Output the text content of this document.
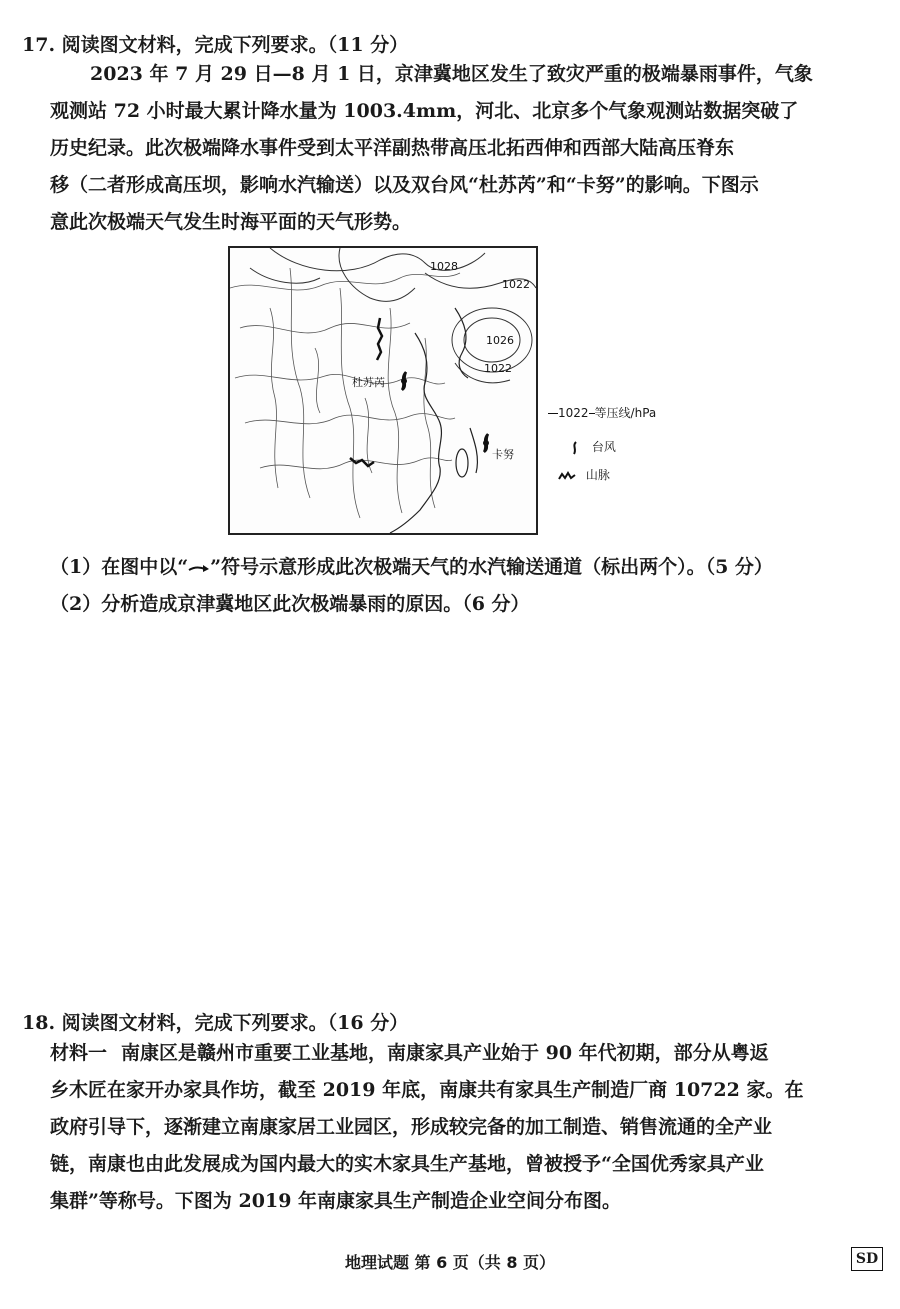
17. 阅读图文材料，完成下列要求。（11 分）
2023 年 7 月 29 日—8 月 1 日，京津冀地区发生了致灾严重的极端暴雨事件，气象
观测站 72 小时最大累计降水量为 1003.4mm，河北、北京多个气象观测站数据突破了
历史纪录。此次极端降水事件受到太平洋副热带高压北拓西伸和西部大陆高压脊东
移（二者形成高压坝，影响水汽输送）以及双台风“杜苏芮”和“卡努”的影响。下图示
意此次极端天气发生时海平面的天气形势。
1028
1022
1026
1022
杜苏芮
卡努
1022 等压线/hPa
台风
山脉
（1）在图中以“ ”符号示意形成此次极端天气的水汽输送通道（标出两个）。（5 分）
（2）分析造成京津冀地区此次极端暴雨的原因。（6 分）
18. 阅读图文材料，完成下列要求。（16 分）
材料一 南康区是赣州市重要工业基地，南康家具产业始于 90 年代初期，部分从粤返
乡木匠在家开办家具作坊，截至 2019 年底，南康共有家具生产制造厂商 10722 家。在
政府引导下，逐渐建立南康家居工业园区，形成较完备的加工制造、销售流通的全产业
链，南康也由此发展成为国内最大的实木家具生产基地，曾被授予“全国优秀家具产业
集群”等称号。下图为 2019 年南康家具生产制造企业空间分布图。
地理试题 第 6 页（共 8 页）	SD
